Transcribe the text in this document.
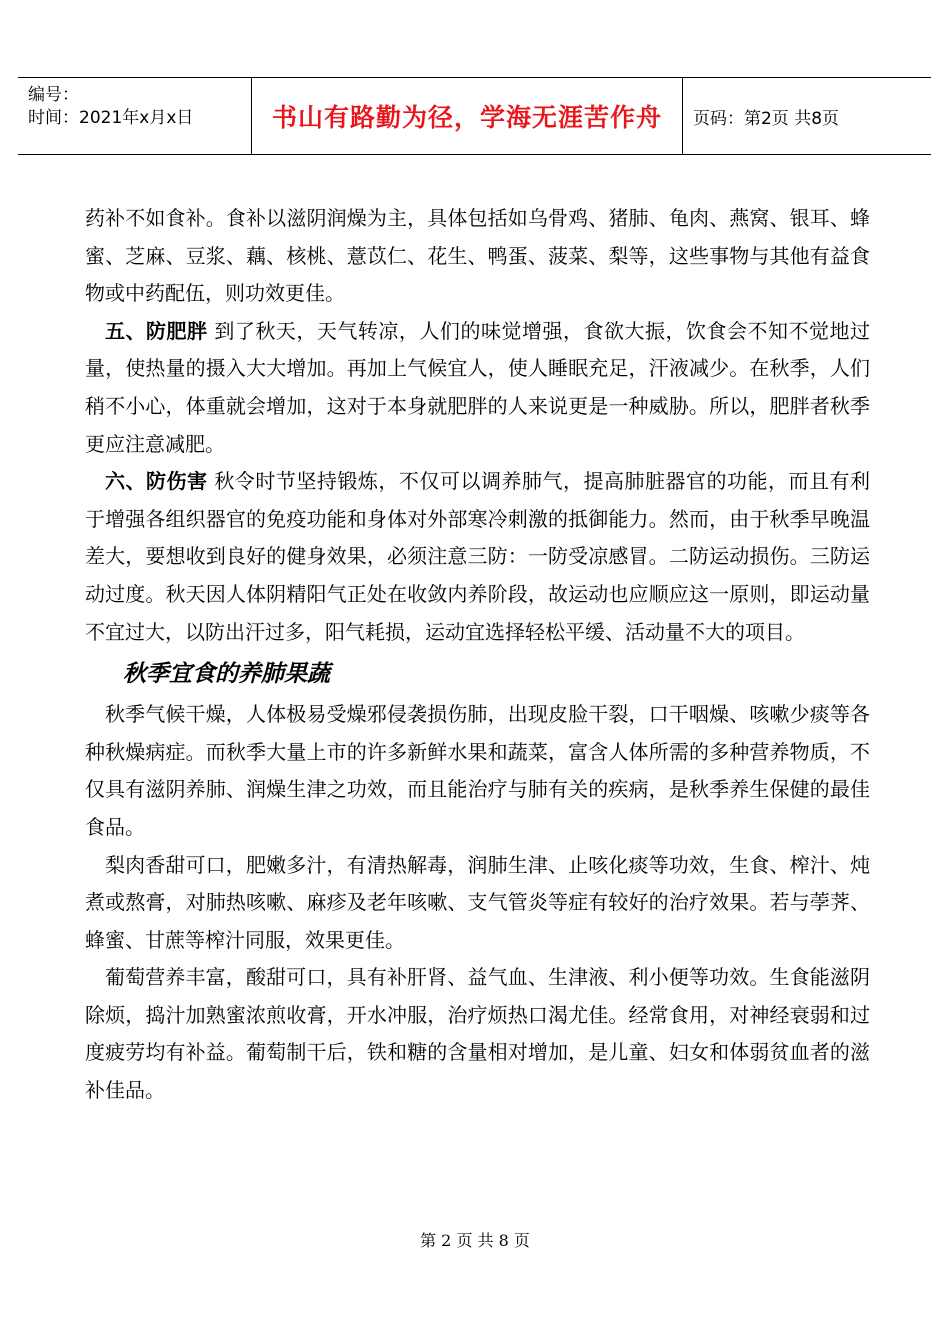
编号：
时间：2021年x月x日	书山有路勤为径，学海无涯苦作舟	页码：第2页 共8页

药补不如食补。食补以滋阴润燥为主，具体包括如乌骨鸡、猪肺、龟肉、燕窝、银耳、蜂蜜、芝麻、豆浆、藕、核桃、薏苡仁、花生、鸭蛋、菠菜、梨等，这些事物与其他有益食物或中药配伍，则功效更佳。

五、防肥胖 到了秋天，天气转凉，人们的味觉增强，食欲大振，饮食会不知不觉地过量，使热量的摄入大大增加。再加上气候宜人，使人睡眠充足，汗液减少。在秋季，人们稍不小心，体重就会增加，这对于本身就肥胖的人来说更是一种威胁。所以，肥胖者秋季更应注意减肥。

六、防伤害 秋令时节坚持锻炼，不仅可以调养肺气，提高肺脏器官的功能，而且有利于增强各组织器官的免疫功能和身体对外部寒冷刺激的抵御能力。然而，由于秋季早晚温差大，要想收到良好的健身效果，必须注意三防：一防受凉感冒。二防运动损伤。三防运动过度。秋天因人体阴精阳气正处在收敛内养阶段，故运动也应顺应这一原则，即运动量不宜过大，以防出汗过多，阳气耗损，运动宜选择轻松平缓、活动量不大的项目。

秋季宜食的养肺果蔬

秋季气候干燥，人体极易受燥邪侵袭损伤肺，出现皮脸干裂，口干咽燥、咳嗽少痰等各种秋燥病症。而秋季大量上市的许多新鲜水果和蔬菜，富含人体所需的多种营养物质，不仅具有滋阴养肺、润燥生津之功效，而且能治疗与肺有关的疾病，是秋季养生保健的最佳食品。

梨肉香甜可口，肥嫩多汁，有清热解毒，润肺生津、止咳化痰等功效，生食、榨汁、炖煮或熬膏，对肺热咳嗽、麻疹及老年咳嗽、支气管炎等症有较好的治疗效果。若与荸荠、蜂蜜、甘蔗等榨汁同服，效果更佳。

葡萄营养丰富，酸甜可口，具有补肝肾、益气血、生津液、利小便等功效。生食能滋阴除烦，捣汁加熟蜜浓煎收膏，开水冲服，治疗烦热口渴尤佳。经常食用，对神经衰弱和过度疲劳均有补益。葡萄制干后，铁和糖的含量相对增加，是儿童、妇女和体弱贫血者的滋补佳品。

第 2 页 共 8 页
